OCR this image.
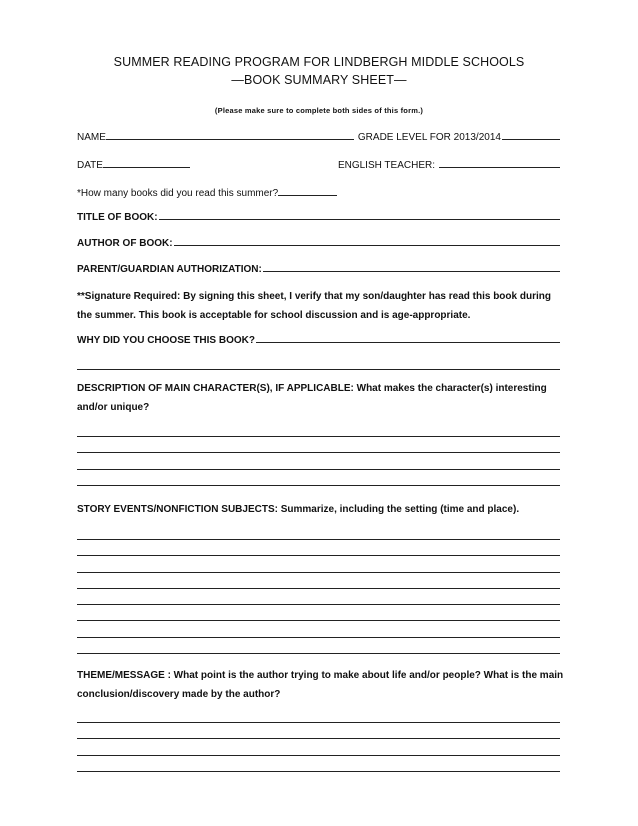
SUMMER READING PROGRAM FOR LINDBERGH MIDDLE SCHOOLS
—BOOK SUMMARY SHEET—
(Please make sure to complete both sides of this form.)
NAME	GRADE LEVEL FOR 2013/2014
DATE	ENGLISH TEACHER:
*How many books did you read this summer?
TITLE OF BOOK:
AUTHOR OF BOOK:
PARENT/GUARDIAN AUTHORIZATION:
**Signature Required: By signing this sheet, I verify that my son/daughter has read this book during the summer. This book is acceptable for school discussion and is age-appropriate.
WHY DID YOU CHOOSE THIS BOOK?
DESCRIPTION OF MAIN CHARACTER(S), IF APPLICABLE: What makes the character(s) interesting and/or unique?
STORY EVENTS/NONFICTION SUBJECTS: Summarize, including the setting (time and place).
THEME/MESSAGE : What point is the author trying to make about life and/or people? What is the main conclusion/discovery made by the author?
